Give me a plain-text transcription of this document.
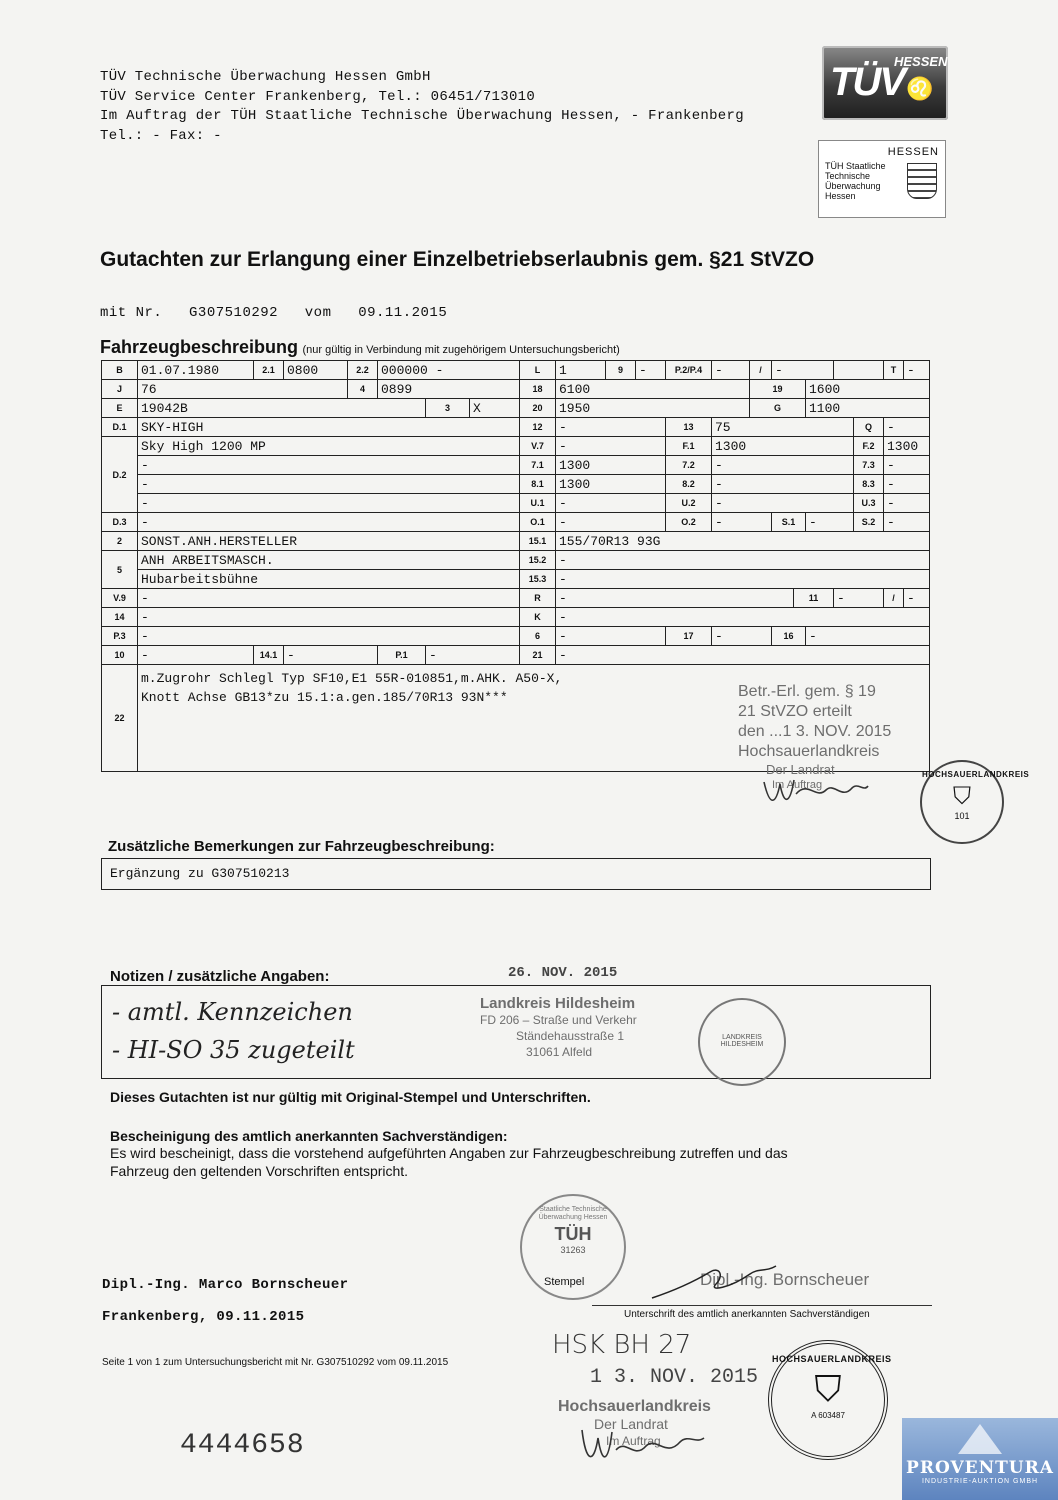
TÜV Technische Überwachung Hessen GmbH
TÜV Service Center Frankenberg, Tel.: 06451/713010
Im Auftrag der TÜH Staatliche Technische Überwachung Hessen, - Frankenberg
Tel.: - Fax: -
TÜV
HESSEN
♌
HESSEN
TÜH Staatliche
Technische
Überwachung
Hessen
Gutachten zur Erlangung einer Einzelbetriebserlaubnis gem. §21 StVZO
mit Nr. G307510292 vom 09.11.2015
Fahrzeugbeschreibung (nur gültig in Verbindung mit zugehörigem Untersuchungsbericht)
B	01.07.1980	2.1	0800	2.2	000000 -			L	1	9	-	P.2/P.4	-	/	-					T	-
J	76			4	0899			18	6100					19			1600				
E	19042B					3	X	20	1950					G			1100				
D.1	SKY-HIGH							12	-			13	75						Q	-	
D.2	Sky High 1200 MP							V.7	-			F.1	1300						F.2	1300	
	-							7.1	1300			7.2	-						7.3	-	
	-							8.1	1300			8.2	-						8.3	-	
	-							U.1	-			U.2	-						U.3	-	
D.3	-							O.1	-			O.2	-		S.1		-		S.2	-	
2	SONST.ANH.HERSTELLER							15.1	155/70R13 93G												
5	ANH ARBEITSMASCH.							15.2	-												
	Hubarbeitsbühne							15.3	-												
V.9	-							R	-							11		-		/	-
14	-							K	-												
P.3	-							6	-			17	-		16		-				
10	-	14.1	-		P.1	-		21	-												
22	m.Zugrohr Schlegl Typ SF10,E1 55R-010851,m.AHK. A50-X,
Knott Achse GB13*zu 15.1:a.gen.185/70R13 93N***																					Betr.-Erl. gem. § 19
21 StVZO erteilt
den ...1 3. NOV. 2015
Hochsauerlandkreis
Der Landrat
Im Auftrag
HOCHSAUERLANDKREIS
⛉
101
Zusätzliche Bemerkungen zur Fahrzeugbeschreibung:
Ergänzung zu G307510213
Notizen / zusätzliche Angaben:	26. NOV. 2015
- amtl. Kennzeichen
- HI-SO 35 zugeteilt
Landkreis Hildesheim
FD 206 – Straße und Verkehr
Ständehausstraße 1
31061 Alfeld
LANDKREIS HILDESHEIM
Dieses Gutachten ist nur gültig mit Original-Stempel und Unterschriften.
Bescheinigung des amtlich anerkannten Sachverständigen:
Es wird bescheinigt, dass die vorstehend aufgeführten Angaben zur Fahrzeugbeschreibung zutreffen und das
Fahrzeug den geltenden Vorschriften entspricht.
Staatliche Technische Überwachung Hessen
TÜH
31263
Stempel
Dipl.-Ing. Marco Bornscheuer
Frankenberg, 09.11.2015
Dipl.-Ing. Bornscheuer
Unterschrift des amtlich anerkannten Sachverständigen
Seite 1 von 1 zum Untersuchungsbericht mit Nr. G307510292 vom 09.11.2015
HSK BH 27
1 3. NOV. 2015
Hochsauerlandkreis
Der Landrat
Im Auftrag
HOCHSAUERLANDKREIS
⛉
A 603487
4444658
PROVENTURA
INDUSTRIE-AUKTION GMBH
